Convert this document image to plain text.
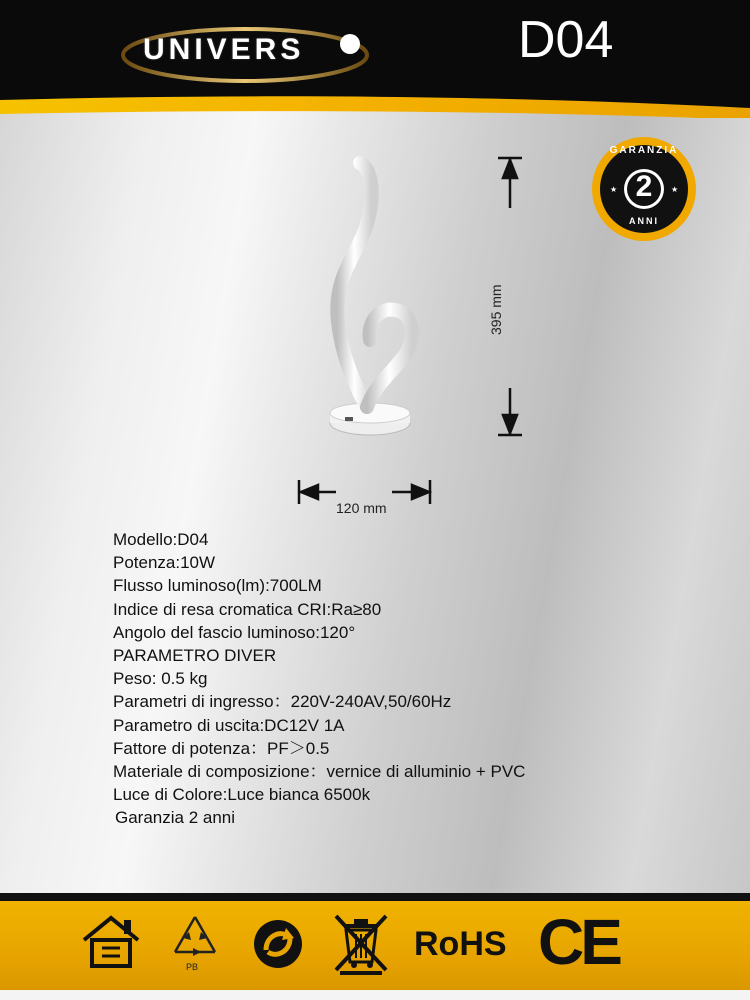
UNIVERS	D04
★	★
GARANZIA
2
ANNI
395 mm
120 mm
Modello:D04
Potenza:10W
Flusso luminoso(lm):700LM
Indice di resa cromatica CRI:Ra≥80
Angolo del fascio luminoso:120°
PARAMETRO DIVER
Peso: 0.5 kg
Parametri di ingresso：220V-240AV,50/60Hz
Parametro di uscita:DC12V 1A
Fattore di potenza：PF＞0.5
Materiale di composizione：vernice di alluminio + PVC
Luce di Colore:Luce bianca 6500k
Garanzia 2 anni
PB
RoHS CE
